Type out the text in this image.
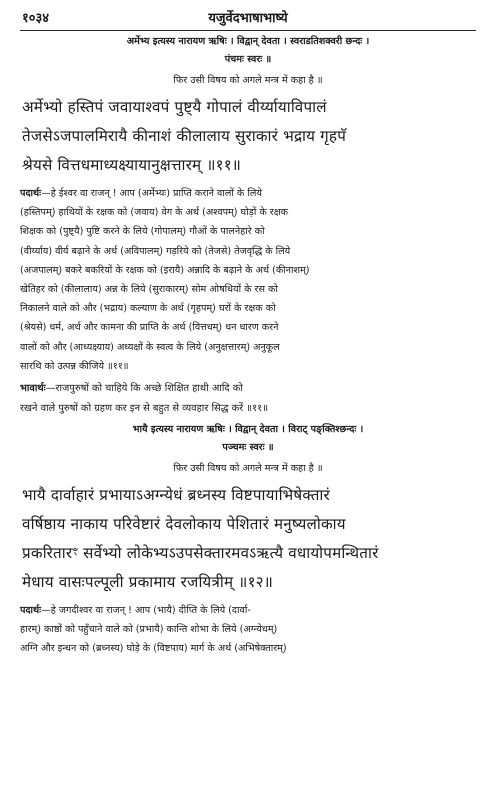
१०३४	यजुर्वेदभाषाभाष्ये
अर्मेभ्य इत्यस्य नारायण ऋषिः । विद्वान् देवता । स्वराडतिशक्वरी छन्दः ।
पंचमः स्वरः ॥
फिर उसी विषय को अगले मन्त्र में कहा है ॥
अर्मेभ्यो हस्तिपं जवायाश्वपं पुष्ट्यै गोपालं वीर्य्यायाविपालं
तेजसेऽजपालमिरायै कीनाशं कीलालाय सुराकारं भद्राय गृहपॅ
श्रेयसे वित्तधमाध्यक्ष्यायानुक्षत्तारम् ॥११॥
पदार्थः—हे ईश्वर वा राजन् ! आप (अर्मेभ्यः) प्राप्ति कराने वालों के लिये
(हस्तिपम्) हाथियों के रक्षक को (जवाय) वेग के अर्थ (अश्वपम्) घोड़ों के रक्षक
शिक्षक को (पुष्ट्यै) पुष्टि करने के लिये (गोपालम्) गौओं के पालनेहारे को
(वीर्य्याय) वीर्य बढ़ाने के अर्थ (अविपालम्) गड़रिये को (तेजसे) तेजवृद्धि के लिये
(अजपालम्) बकरे बकरियों के रक्षक को (इरायै) अन्नादि के बढ़ाने के अर्थ (कीनाशम्)
खेतिहर को (कीलालाय) अन्न के लिये (सुराकारम्) सोम ओषधियों के रस को
निकालने वाले को और (भद्राय) कल्याण के अर्थ (गृहपम्) घरों के रक्षक को
(श्रेयसे) धर्म, अर्थ और कामना की प्राप्ति के अर्थ (वित्तधम्) धन धारण करने
वालों को और (आध्यक्ष्याय) अध्यक्षों के स्वत्व के लिये (अनुक्षत्तारम्) अनुकूल
सारथि को उत्पन्न कीजिये ॥११॥
भावार्थः—राजपुरुषों को चाहिये कि अच्छे शिक्षित हाथी आदि को
रखने वाले पुरुषों को ग्रहण कर इन से बहुत से व्यवहार सिद्ध करें ॥११॥
भायै इत्यस्य नारायण ऋषिः । विद्वान् देवता । विराट् पङ्क्तिश्छन्दः ।
पञ्चमः स्वरः ॥
फिर उसी विषय को अगले मन्त्र में कहा है ॥
भायै दार्वाहारं प्रभायाऽअग्न्येधं ब्रध्नस्य विष्टपायाभिषेक्तारं
वर्षिष्ठाय नाकाय परिवेष्टारं देवलोकाय पेशितारं मनुष्यलोकाय
प्रकरितारꣳ सर्वेभ्यो लोकेभ्यऽउपसेक्तारमवऽऋत्यै वधायोपमन्थितारं
मेधाय वासःपल्पूली प्रकामाय रजयित्रीम् ॥१२॥
पदार्थः—हे जगदीश्वर वा राजन् ! आप (भायै) दीप्ति के लिये (दार्वा-
हारम्) काष्ठों को पहुँचाने वाले को (प्रभायै) कान्ति शोभा के लिये (अग्न्येधम्)
अग्नि और इन्धन को (ब्रध्नस्य) घोड़े के (विष्टपाय) मार्ग के अर्थ (अभिषेक्तारम्)
